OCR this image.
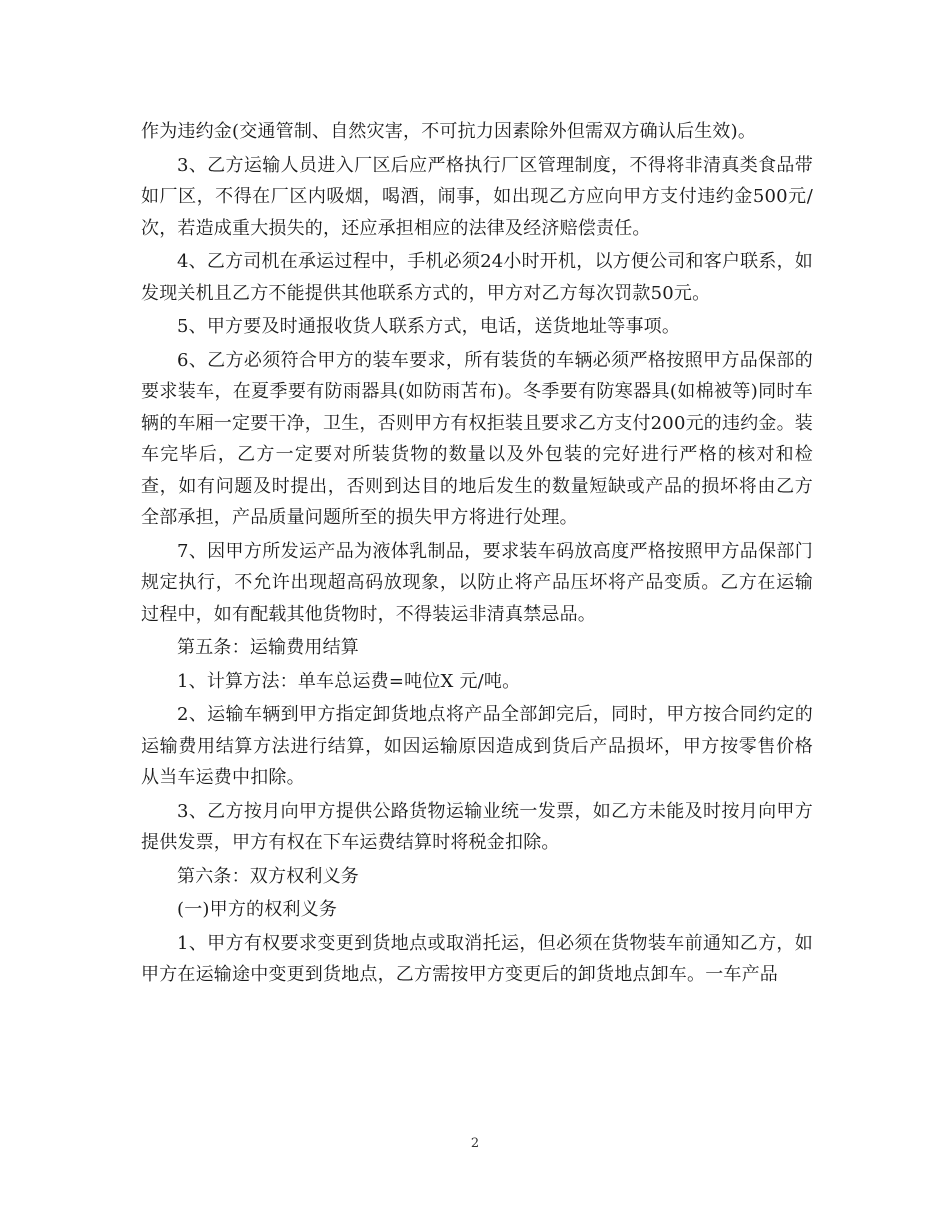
作为违约金(交通管制、自然灾害，不可抗力因素除外但需双方确认后生效)。

3、乙方运输人员进入厂区后应严格执行厂区管理制度，不得将非清真类食品带如厂区，不得在厂区内吸烟，喝酒，闹事，如出现乙方应向甲方支付违约金500元/次，若造成重大损失的，还应承担相应的法律及经济赔偿责任。

4、乙方司机在承运过程中，手机必须24小时开机，以方便公司和客户联系，如发现关机且乙方不能提供其他联系方式的，甲方对乙方每次罚款50元。

5、甲方要及时通报收货人联系方式，电话，送货地址等事项。

6、乙方必须符合甲方的装车要求，所有装货的车辆必须严格按照甲方品保部的要求装车，在夏季要有防雨器具(如防雨苫布)。冬季要有防寒器具(如棉被等)同时车辆的车厢一定要干净，卫生，否则甲方有权拒装且要求乙方支付200元的违约金。装车完毕后，乙方一定要对所装货物的数量以及外包装的完好进行严格的核对和检查，如有问题及时提出，否则到达目的地后发生的数量短缺或产品的损坏将由乙方全部承担，产品质量问题所至的损失甲方将进行处理。

7、因甲方所发运产品为液体乳制品，要求装车码放高度严格按照甲方品保部门规定执行，不允许出现超高码放现象，以防止将产品压坏将产品变质。乙方在运输过程中，如有配载其他货物时，不得装运非清真禁忌品。

第五条：运输费用结算

1、计算方法：单车总运费=吨位X 元/吨。

2、运输车辆到甲方指定卸货地点将产品全部卸完后，同时，甲方按合同约定的运输费用结算方法进行结算，如因运输原因造成到货后产品损坏，甲方按零售价格从当车运费中扣除。

3、乙方按月向甲方提供公路货物运输业统一发票，如乙方未能及时按月向甲方提供发票，甲方有权在下车运费结算时将税金扣除。

第六条：双方权利义务

(一)甲方的权利义务

1、甲方有权要求变更到货地点或取消托运，但必须在货物装车前通知乙方，如甲方在运输途中变更到货地点，乙方需按甲方变更后的卸货地点卸车。一车产品

2
